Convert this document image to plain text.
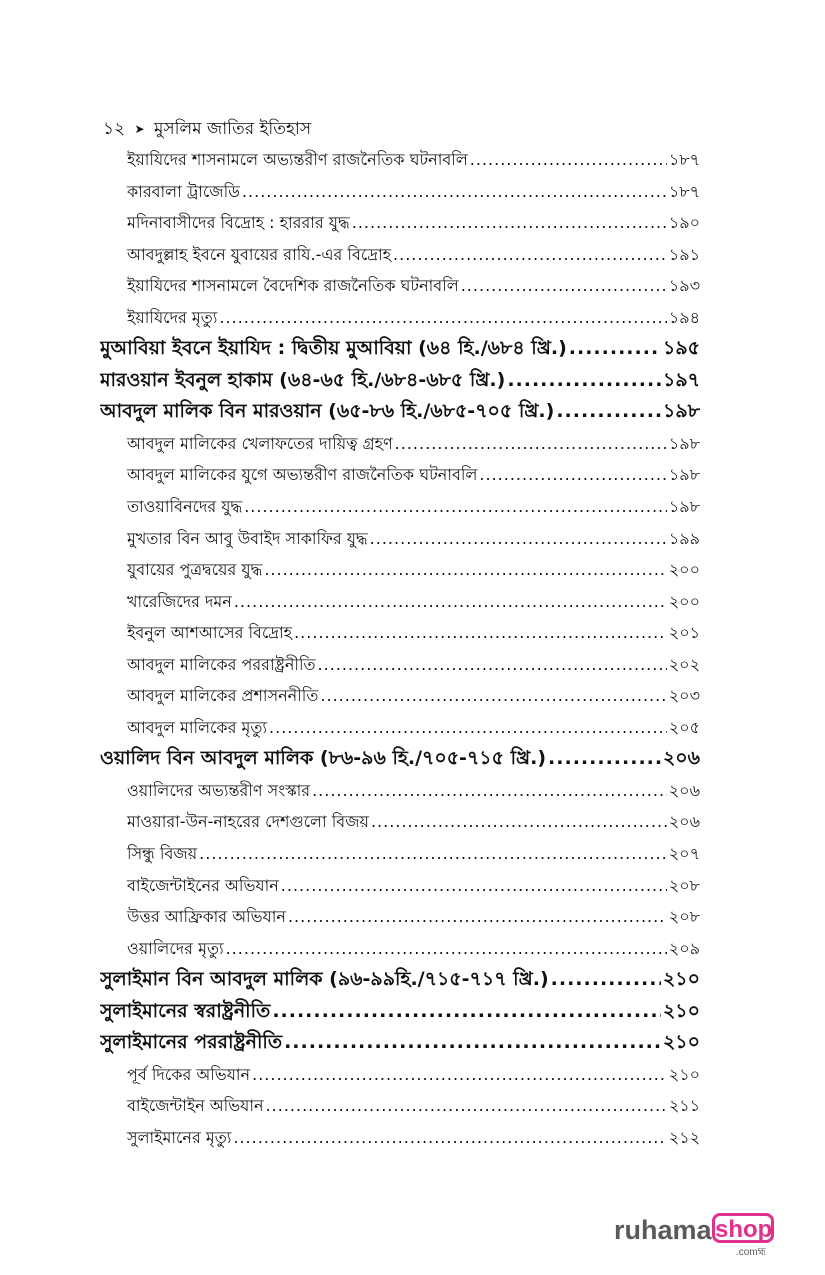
১২ ➤ মুসলিম জাতির ইতিহাস
ইয়াযিদের শাসনামলে অভ্যন্তরীণ রাজনৈতিক ঘটনাবলি .....	১৮৭
কারবালা ট্রাজেডি .....	১৮৭
মদিনাবাসীদের বিদ্রোহ : হাররার যুদ্ধ .....	১৯০
আবদুল্লাহ ইবনে যুবায়ের রাযি.-এর বিদ্রোহ .....	১৯১
ইয়াযিদের শাসনামলে বৈদেশিক রাজনৈতিক ঘটনাবলি .....	১৯৩
ইয়াযিদের মৃত্যু .....	১৯৪
মুআবিয়া ইবনে ইয়াযিদ : দ্বিতীয় মুআবিয়া (৬৪ হি./৬৮৪ খ্রি.) .....	১৯৫
মারওয়ান ইবনুল হাকাম (৬৪-৬৫ হি./৬৮৪-৬৮৫ খ্রি.) .....	১৯৭
আবদুল মালিক বিন মারওয়ান (৬৫-৮৬ হি./৬৮৫-৭০৫ খ্রি.) .....	১৯৮
আবদুল মালিকের খেলাফতের দায়িত্ব গ্রহণ .....	১৯৮
আবদুল মালিকের যুগে অভ্যন্তরীণ রাজনৈতিক ঘটনাবলি .....	১৯৮
তাওয়াবিনদের যুদ্ধ .....	১৯৮
মুখতার বিন আবু উবাইদ সাকাফির যুদ্ধ .....	১৯৯
যুবায়ের পুত্রদ্বয়ের যুদ্ধ .....	২০০
খারেজিদের দমন .....	২০০
ইবনুল আশআসের বিদ্রোহ .....	২০১
আবদুল মালিকের পররাষ্ট্রনীতি .....	২০২
আবদুল মালিকের প্রশাসননীতি .....	২০৩
আবদুল মালিকের মৃত্যু .....	২০৫
ওয়ালিদ বিন আবদুল মালিক (৮৬-৯৬ হি./৭০৫-৭১৫ খ্রি.) .....	২০৬
ওয়ালিদের অভ্যন্তরীণ সংস্কার .....	২০৬
মাওয়ারা-উন-নাহরের দেশগুলো বিজয় .....	২০৬
সিন্ধু বিজয় .....	২০৭
বাইজেন্টাইনের অভিযান .....	২০৮
উত্তর আফ্রিকার অভিযান .....	২০৮
ওয়ালিদের মৃত্যু .....	২০৯
সুলাইমান বিন আবদুল মালিক (৯৬-৯৯হি./৭১৫-৭১৭ খ্রি.) .....	২১০
সুলাইমানের স্বরাষ্ট্রনীতি .....	২১০
সুলাইমানের পররাষ্ট্রনীতি .....	২১০
পূর্ব দিকের অভিযান .....	২১০
বাইজেন্টাইন অভিযান .....	২১১
সুলাইমানের মৃত্যু .....	২১২
ruhama shop
.comহ্ম
